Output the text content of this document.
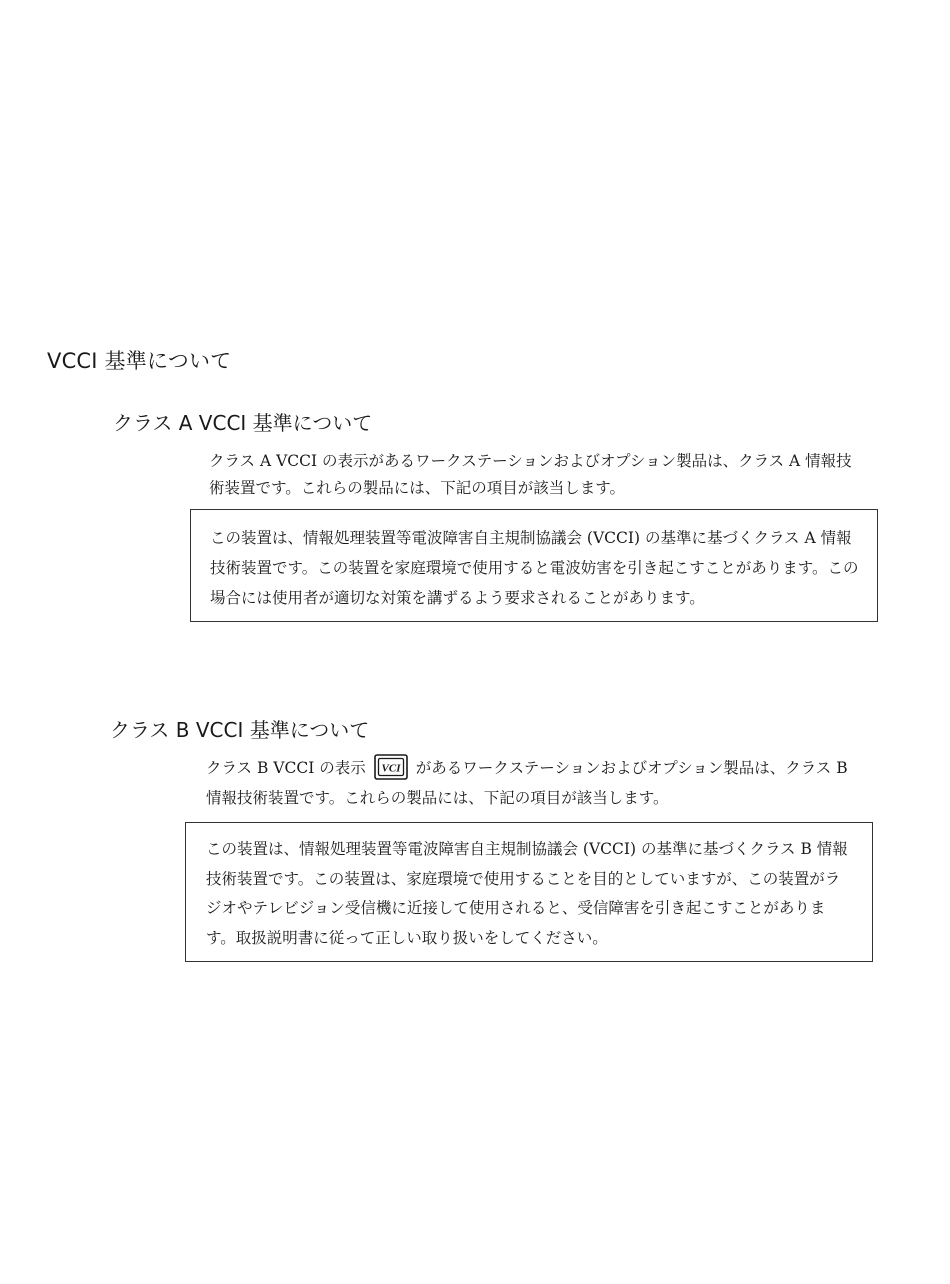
VCCI 基準について
クラス A VCCI 基準について

クラス A VCCI の表示があるワークステーションおよびオプション製品は、クラス A 情報技術装置です。これらの製品には、下記の項目が該当します。

この装置は、情報処理装置等電波障害自主規制協議会 (VCCI) の基準に基づくクラス A 情報技術装置です。この装置を家庭環境で使用すると電波妨害を引き起こすことがあります。この場合には使用者が適切な対策を講ずるよう要求されることがあります。

クラス B VCCI 基準について

クラス B VCCI の表示 VCI があるワークステーションおよびオプション製品は、クラス B 情報技術装置です。これらの製品には、下記の項目が該当します。

この装置は、情報処理装置等電波障害自主規制協議会 (VCCI) の基準に基づくクラス B 情報技術装置です。この装置は、家庭環境で使用することを目的としていますが、この装置がラジオやテレビジョン受信機に近接して使用されると、受信障害を引き起こすことがあります。取扱説明書に従って正しい取り扱いをしてください。
